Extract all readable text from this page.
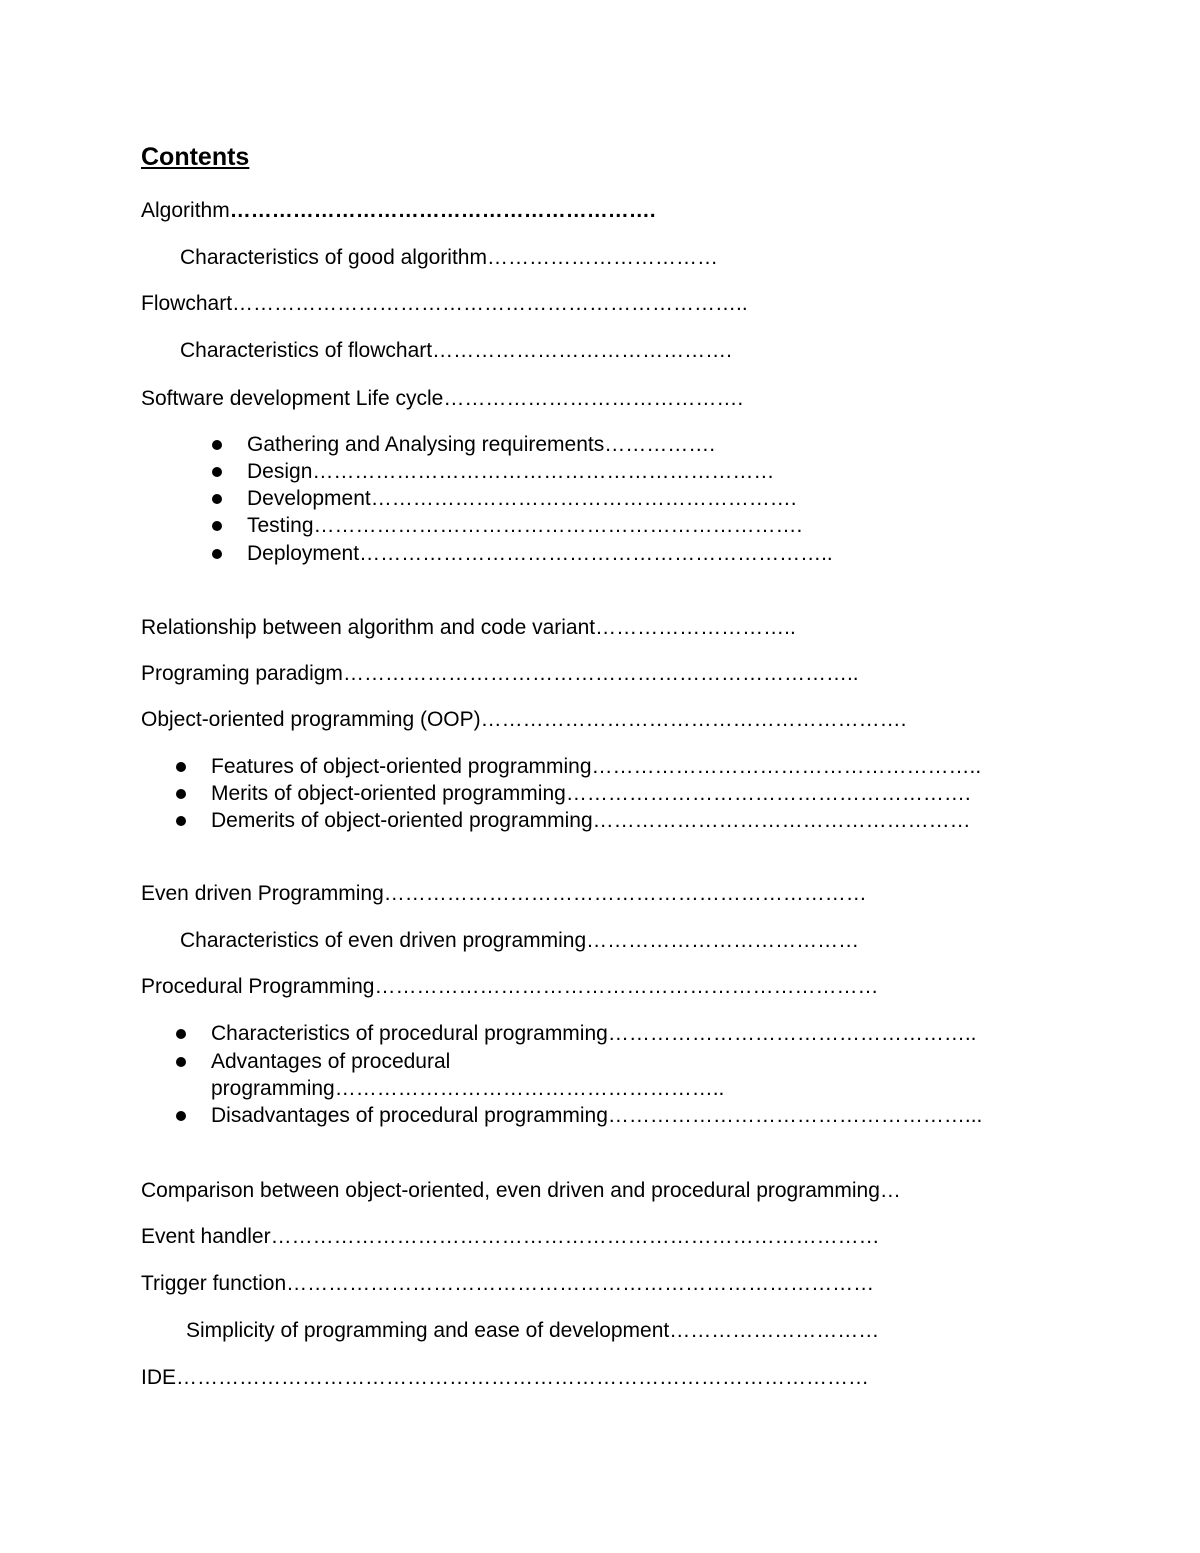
Contents
Algorithm…………………………………………………….
Characteristics of good algorithm……………………………
Flowchart………………………………………………………………..
Characteristics of flowchart…………………………………….
Software development Life cycle…………………………………….
Gathering and Analysing requirements…………….
Design…………………………………………………………
Development…………………………………………………….
Testing…………………………………………………………….
Deployment…………………………………………………………..
Relationship between algorithm and code variant………………………..
Programing paradigm………………………………………………………………..
Object-oriented programming (OOP)…………………………………………………….
Features of object-oriented programming………………………………………………..
Merits of object-oriented programming………………………………………………….
Demerits of object-oriented programming………………………………………………
Even driven Programming……………………………………………………………
Characteristics of even driven programming…………………………………
Procedural Programming………………………………………………………………
Characteristics of procedural programming……………………………………………..
Advantages of procedural
programming………………………………………………..
Disadvantages of procedural programming……………………………………………...
Comparison between object-oriented, even driven and procedural programming…
Event handler……………………………………………………………………………
Trigger function…………………………………………………………………………
Simplicity of programming and ease of development…………………………
IDE………………………………………………………………………………………
